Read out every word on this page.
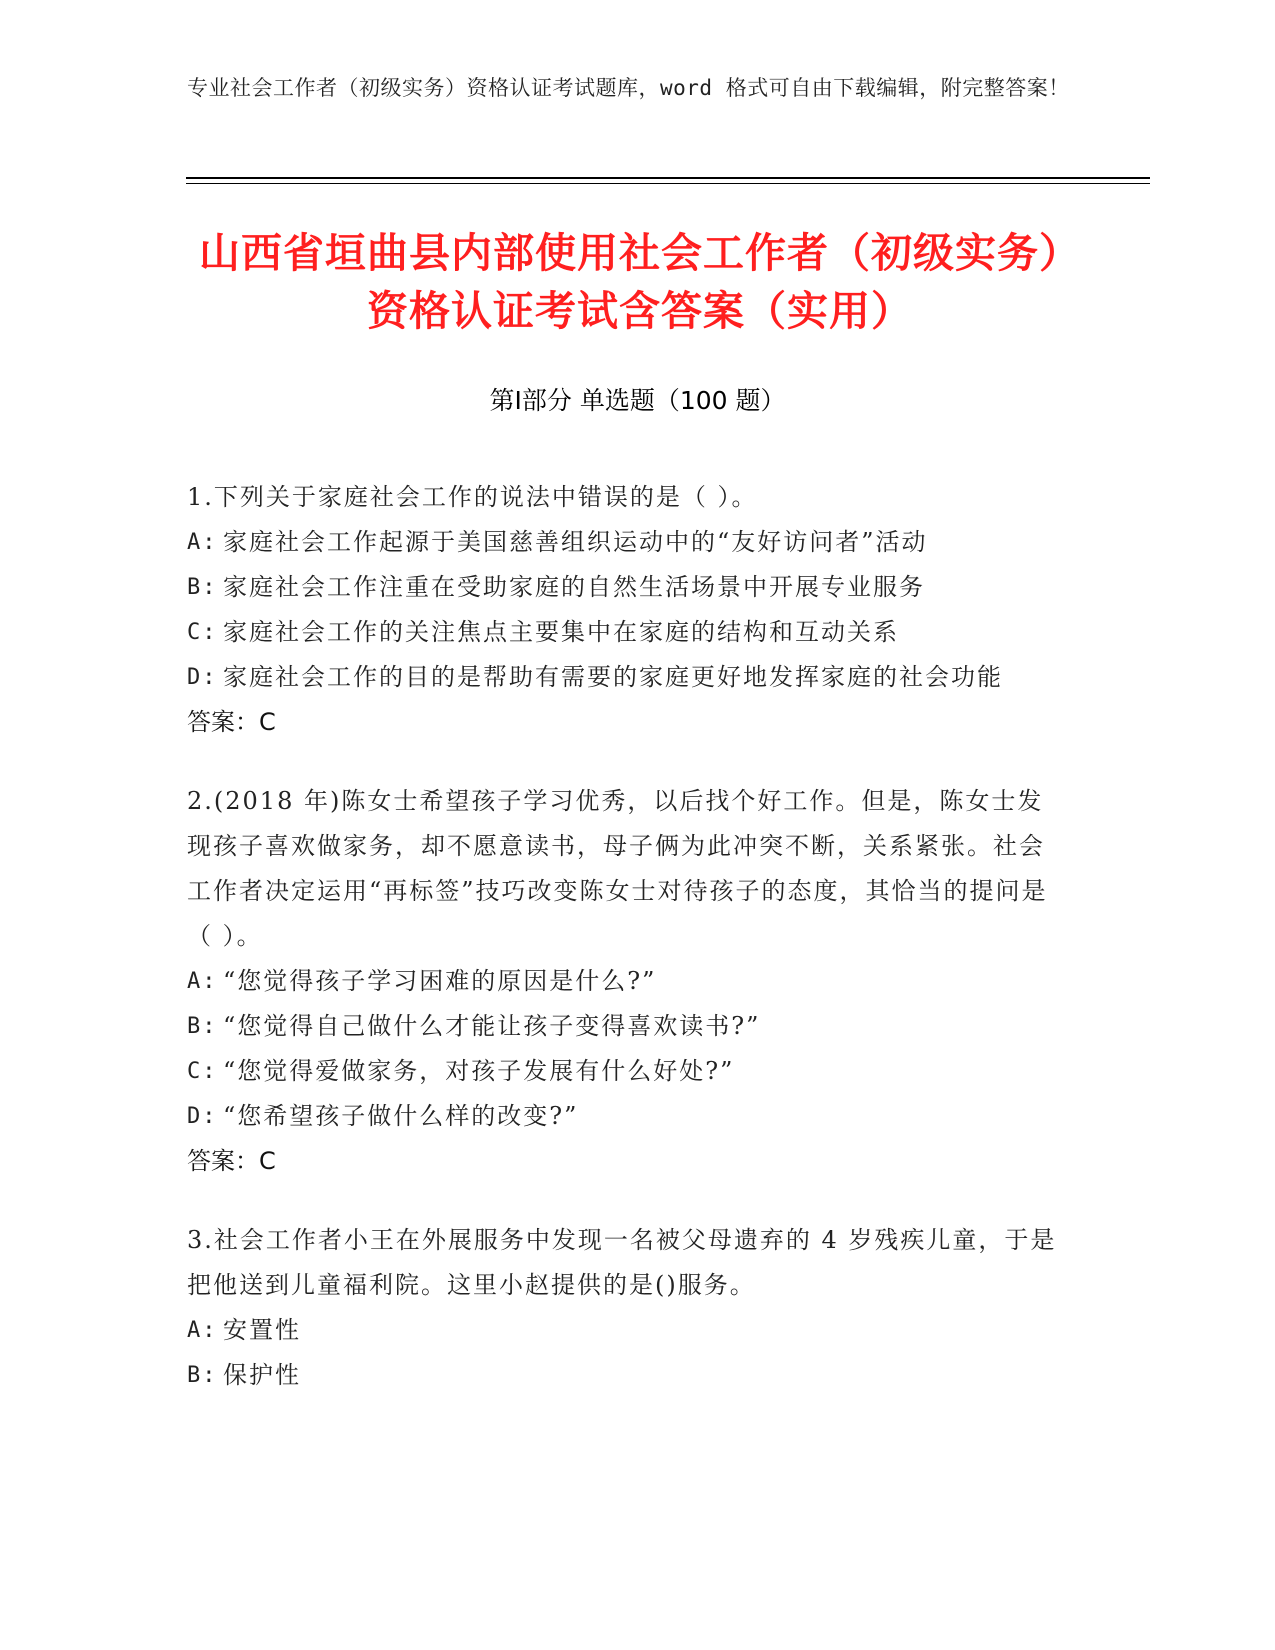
专业社会工作者（初级实务）资格认证考试题库，word 格式可自由下载编辑，附完整答案！
山西省垣曲县内部使用社会工作者（初级实务）资格认证考试含答案（实用）
第Ⅰ部分 单选题（100 题）
1.下列关于家庭社会工作的说法中错误的是（ ）。
A: 家庭社会工作起源于美国慈善组织运动中的“友好访问者”活动
B: 家庭社会工作注重在受助家庭的自然生活场景中开展专业服务
C: 家庭社会工作的关注焦点主要集中在家庭的结构和互动关系
D: 家庭社会工作的目的是帮助有需要的家庭更好地发挥家庭的社会功能
答案：C
2.(2018 年)陈女士希望孩子学习优秀，以后找个好工作。但是，陈女士发现孩子喜欢做家务，却不愿意读书，母子俩为此冲突不断，关系紧张。社会工作者决定运用“再标签”技巧改变陈女士对待孩子的态度，其恰当的提问是（ ）。
A: “您觉得孩子学习困难的原因是什么?”
B: “您觉得自己做什么才能让孩子变得喜欢读书?”
C: “您觉得爱做家务，对孩子发展有什么好处?”
D: “您希望孩子做什么样的改变?”
答案：C
3.社会工作者小王在外展服务中发现一名被父母遗弃的 4 岁残疾儿童，于是把他送到儿童福利院。这里小赵提供的是()服务。
A: 安置性
B: 保护性
